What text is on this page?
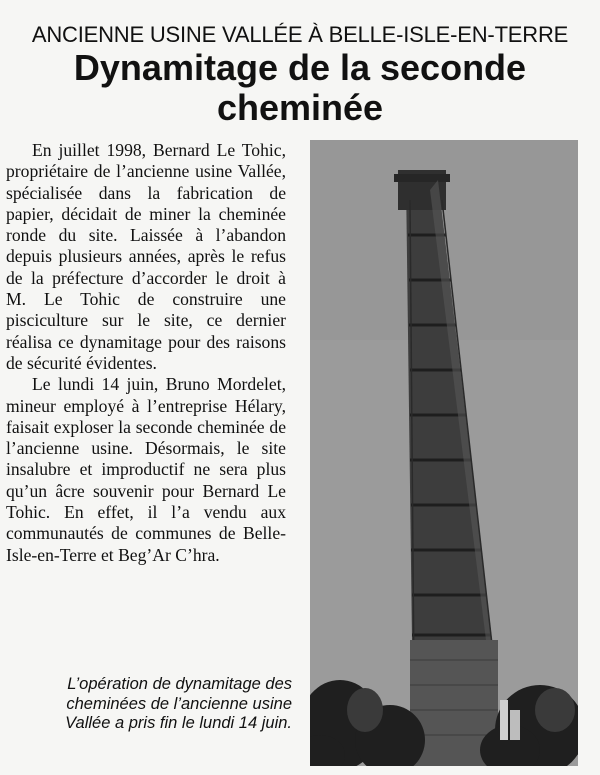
ANCIENNE USINE VALLÉE À BELLE-ISLE-EN-TERRE
Dynamitage de la seconde cheminée

En juillet 1998, Bernard Le Tohic, propriétaire de l’ancienne usine Vallée, spécialisée dans la fabrication de papier, décidait de miner la cheminée ronde du site. Laissée à l’abandon depuis plusieurs années, après le refus de la préfecture d’accorder le droit à M. Le Tohic de construire une pisciculture sur le site, ce dernier réalisa ce dynamitage pour des raisons de sécurité évidentes.

Le lundi 14 juin, Bruno Mordelet, mineur employé à l’entreprise Hélary, faisait exploser la seconde cheminée de l’ancienne usine. Désormais, le site insalubre et improductif ne sera plus qu’un âcre souvenir pour Bernard Le Tohic. En effet, il l’a vendu aux communautés de communes de Belle-Isle-en-Terre et Beg’Ar C’hra.

L’opération de dynamitage des cheminées de l’ancienne usine Vallée a pris fin le lundi 14 juin.
